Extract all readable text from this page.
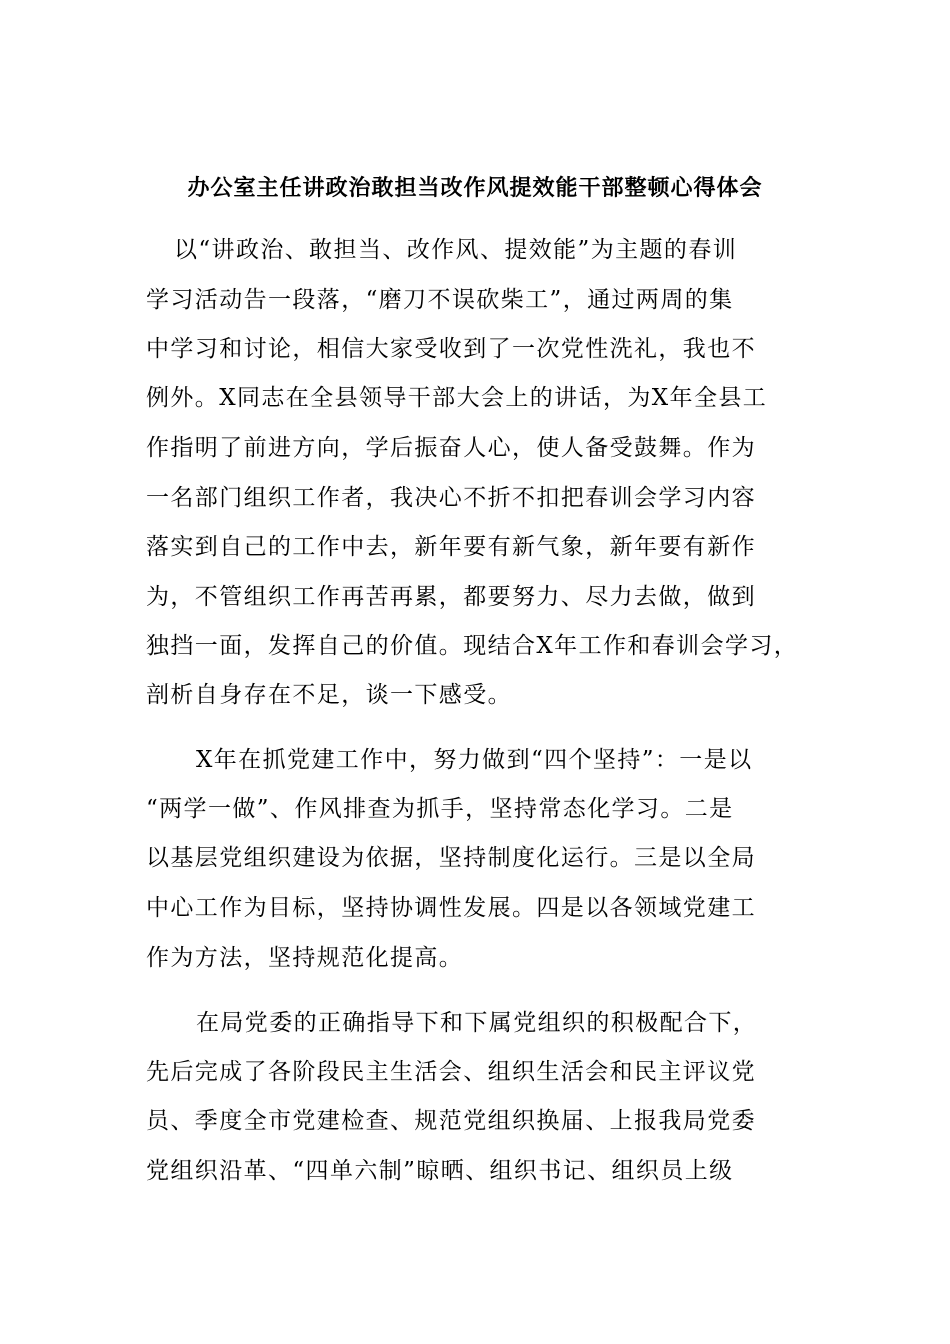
办公室主任讲政治敢担当改作风提效能干部整顿心得体会

以“讲政治、敢担当、改作风、提效能”为主题的春训

学习活动告一段落，“磨刀不误砍柴工”，通过两周的集

中学习和讨论，相信大家受收到了一次党性洗礼，我也不

例外。X同志在全县领导干部大会上的讲话，为X年全县工

作指明了前进方向，学后振奋人心，使人备受鼓舞。作为

一名部门组织工作者，我决心不折不扣把春训会学习内容

落实到自己的工作中去，新年要有新气象，新年要有新作

为，不管组织工作再苦再累，都要努力、尽力去做，做到

独挡一面，发挥自己的价值。现结合X年工作和春训会学习，

剖析自身存在不足，谈一下感受。

X年在抓党建工作中，努力做到“四个坚持”：一是以

“两学一做”、作风排查为抓手，坚持常态化学习。二是

以基层党组织建设为依据，坚持制度化运行。三是以全局

中心工作为目标，坚持协调性发展。四是以各领域党建工

作为方法，坚持规范化提高。

在局党委的正确指导下和下属党组织的积极配合下，

先后完成了各阶段民主生活会、组织生活会和民主评议党

员、季度全市党建检查、规范党组织换届、上报我局党委

党组织沿革、“四单六制”晾晒、组织书记、组织员上级
